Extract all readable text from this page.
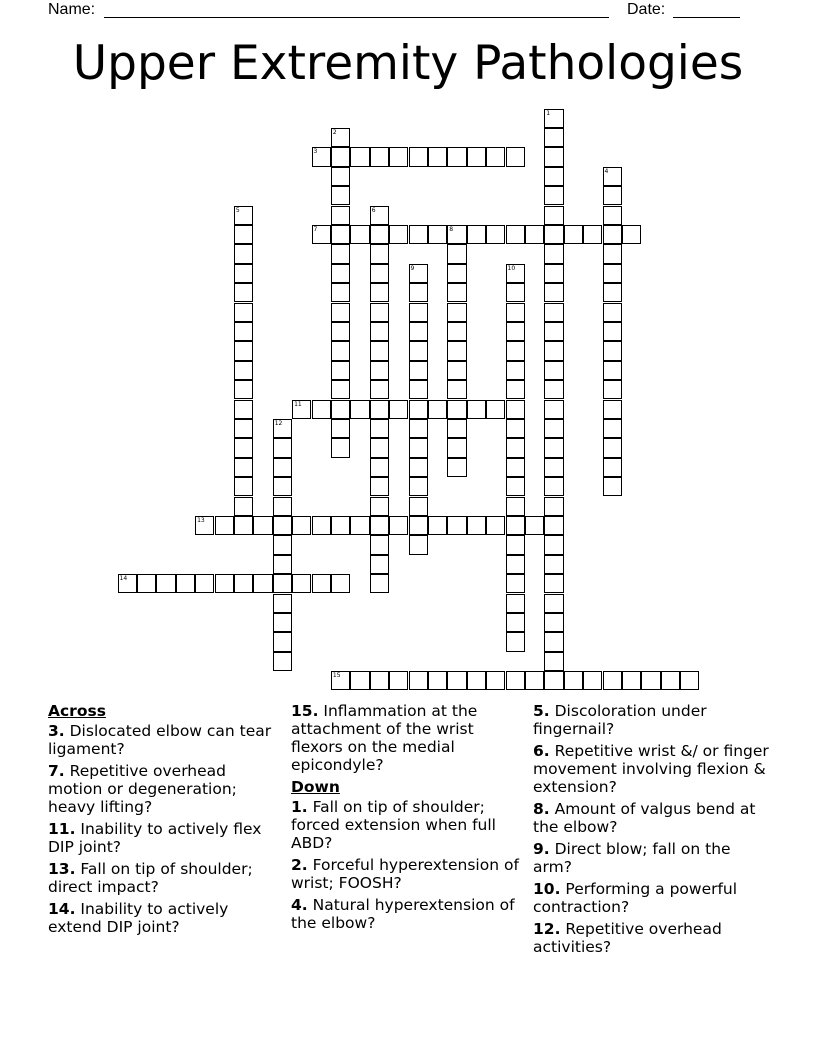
Name:	Date:
Upper Extremity Pathologies
1
2
3
4
5	6
7	8
9	10
11
12
13
14
15
Across
3. Dislocated elbow can tear ligament?
7. Repetitive overhead motion or degeneration; heavy lifting?
11. Inability to actively flex DIP joint?
13. Fall on tip of shoulder; direct impact?
14. Inability to actively extend DIP joint?
15. Inflammation at the attachment of the wrist flexors on the medial epicondyle?
Down
1. Fall on tip of shoulder; forced extension when full ABD?
2. Forceful hyperextension of wrist; FOOSH?
4. Natural hyperextension of the elbow?
5. Discoloration under fingernail?
6. Repetitive wrist &/ or finger movement involving flexion & extension?
8. Amount of valgus bend at the elbow?
9. Direct blow; fall on the arm?
10. Performing a powerful contraction?
12. Repetitive overhead activities?
